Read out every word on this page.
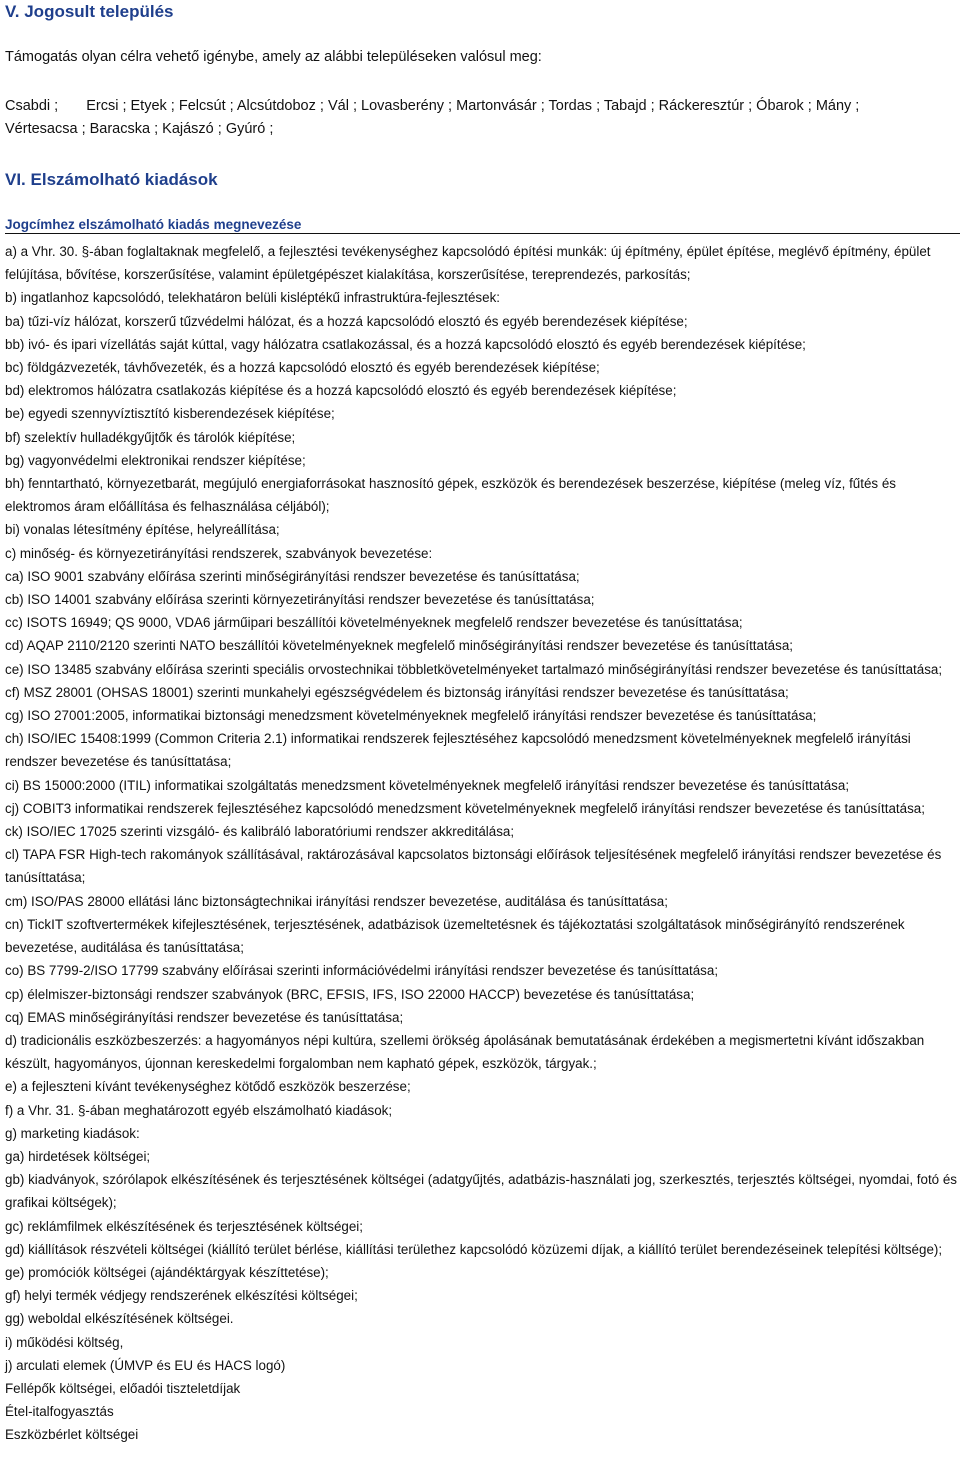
V. Jogosult település
Támogatás olyan célra vehető igénybe, amely az alábbi településeken valósul meg:
Csabdi ; Ercsi ; Etyek ; Felcsút ; Alcsútdoboz ; Vál ; Lovasberény ; Martonvásár ; Tordas ; Tabajd ; Ráckeresztúr ; Óbarok ; Mány ;
Vértesacsa ; Baracska ; Kajászó ; Gyúró ;
VI. Elszámolható kiadások
Jogcímhez elszámolható kiadás megnevezése

a) a Vhr. 30. §-ában foglaltaknak megfelelő, a fejlesztési tevékenységhez kapcsolódó építési munkák: új építmény, épület építése, meglévő építmény, épület felújítása, bővítése, korszerűsítése, valamint épületgépészet kialakítása, korszerűsítése, tereprendezés, parkosítás;

b) ingatlanhoz kapcsolódó, telekhatáron belüli kisléptékű infrastruktúra-fejlesztések:

ba) tűzi-víz hálózat, korszerű tűzvédelmi hálózat, és a hozzá kapcsolódó elosztó és egyéb berendezések kiépítése;

bb) ivó- és ipari vízellátás saját kúttal, vagy hálózatra csatlakozással, és a hozzá kapcsolódó elosztó és egyéb berendezések kiépítése;

bc) földgázvezeték, távhővezeték, és a hozzá kapcsolódó elosztó és egyéb berendezések kiépítése;

bd) elektromos hálózatra csatlakozás kiépítése és a hozzá kapcsolódó elosztó és egyéb berendezések kiépítése;

be) egyedi szennyvíztisztító kisberendezések kiépítése;

bf) szelektív hulladékgyűjtők és tárolók kiépítése;

bg) vagyonvédelmi elektronikai rendszer kiépítése;

bh) fenntartható, környezetbarát, megújuló energiaforrásokat hasznosító gépek, eszközök és berendezések beszerzése, kiépítése (meleg víz, fűtés és elektromos áram előállítása és felhasználása céljából);

bi) vonalas létesítmény építése, helyreállítása;

c) minőség- és környezetirányítási rendszerek, szabványok bevezetése:

ca) ISO 9001 szabvány előírása szerinti minőségirányítási rendszer bevezetése és tanúsíttatása;

cb) ISO 14001 szabvány előírása szerinti környezetirányítási rendszer bevezetése és tanúsíttatása;

cc) ISOTS 16949; QS 9000, VDA6 járműipari beszállítói követelményeknek megfelelő rendszer bevezetése és tanúsíttatása;

cd) AQAP 2110/2120 szerinti NATO beszállítói követelményeknek megfelelő minőségirányítási rendszer bevezetése és tanúsíttatása;

ce) ISO 13485 szabvány előírása szerinti speciális orvostechnikai többletkövetelményeket tartalmazó minőségirányítási rendszer bevezetése és tanúsíttatása;

cf) MSZ 28001 (OHSAS 18001) szerinti munkahelyi egészségvédelem és biztonság irányítási rendszer bevezetése és tanúsíttatása;

cg) ISO 27001:2005, informatikai biztonsági menedzsment követelményeknek megfelelő irányítási rendszer bevezetése és tanúsíttatása;

ch) ISO/IEC 15408:1999 (Common Criteria 2.1) informatikai rendszerek fejlesztéséhez kapcsolódó menedzsment követelményeknek megfelelő irányítási rendszer bevezetése és tanúsíttatása;

ci) BS 15000:2000 (ITIL) informatikai szolgáltatás menedzsment követelményeknek megfelelő irányítási rendszer bevezetése és tanúsíttatása;

cj) COBIT3 informatikai rendszerek fejlesztéséhez kapcsolódó menedzsment követelményeknek megfelelő irányítási rendszer bevezetése és tanúsíttatása;

ck) ISO/IEC 17025 szerinti vizsgáló- és kalibráló laboratóriumi rendszer akkreditálása;

cl) TAPA FSR High-tech rakományok szállításával, raktározásával kapcsolatos biztonsági előírások teljesítésének megfelelő irányítási rendszer bevezetése és tanúsíttatása;

cm) ISO/PAS 28000 ellátási lánc biztonságtechnikai irányítási rendszer bevezetése, auditálása és tanúsíttatása;

cn) TickIT szoftvertermékek kifejlesztésének, terjesztésének, adatbázisok üzemeltetésnek és tájékoztatási szolgáltatások minőségirányító rendszerének bevezetése, auditálása és tanúsíttatása;

co) BS 7799-2/ISO 17799 szabvány előírásai szerinti információvédelmi irányítási rendszer bevezetése és tanúsíttatása;

cp) élelmiszer-biztonsági rendszer szabványok (BRC, EFSIS, IFS, ISO 22000 HACCP) bevezetése és tanúsíttatása;

cq) EMAS minőségirányítási rendszer bevezetése és tanúsíttatása;

d) tradicionális eszközbeszerzés: a hagyományos népi kultúra, szellemi örökség ápolásának bemutatásának érdekében a megismertetni kívánt időszakban készült, hagyományos, újonnan kereskedelmi forgalomban nem kapható gépek, eszközök, tárgyak.;

e) a fejleszteni kívánt tevékenységhez kötődő eszközök beszerzése;

f) a Vhr. 31. §-ában meghatározott egyéb elszámolható kiadások;

g) marketing kiadások:

ga) hirdetések költségei;

gb) kiadványok, szórólapok elkészítésének és terjesztésének költségei (adatgyűjtés, adatbázis-használati jog, szerkesztés, terjesztés költségei, nyomdai, fotó és grafikai költségek);

gc) reklámfilmek elkészítésének és terjesztésének költségei;

gd) kiállítások részvételi költségei (kiállító terület bérlése, kiállítási területhez kapcsolódó közüzemi díjak, a kiállító terület berendezéseinek telepítési költsége);

ge) promóciók költségei (ajándéktárgyak készíttetése);

gf) helyi termék védjegy rendszerének elkészítési költségei;

gg) weboldal elkészítésének költségei.

i) működési költség,

j) arculati elemek (ÚMVP és EU és HACS logó)

Fellépők költségei, előadói tiszteletdíjak

Étel-italfogyasztás

Eszközbérlet költségei
